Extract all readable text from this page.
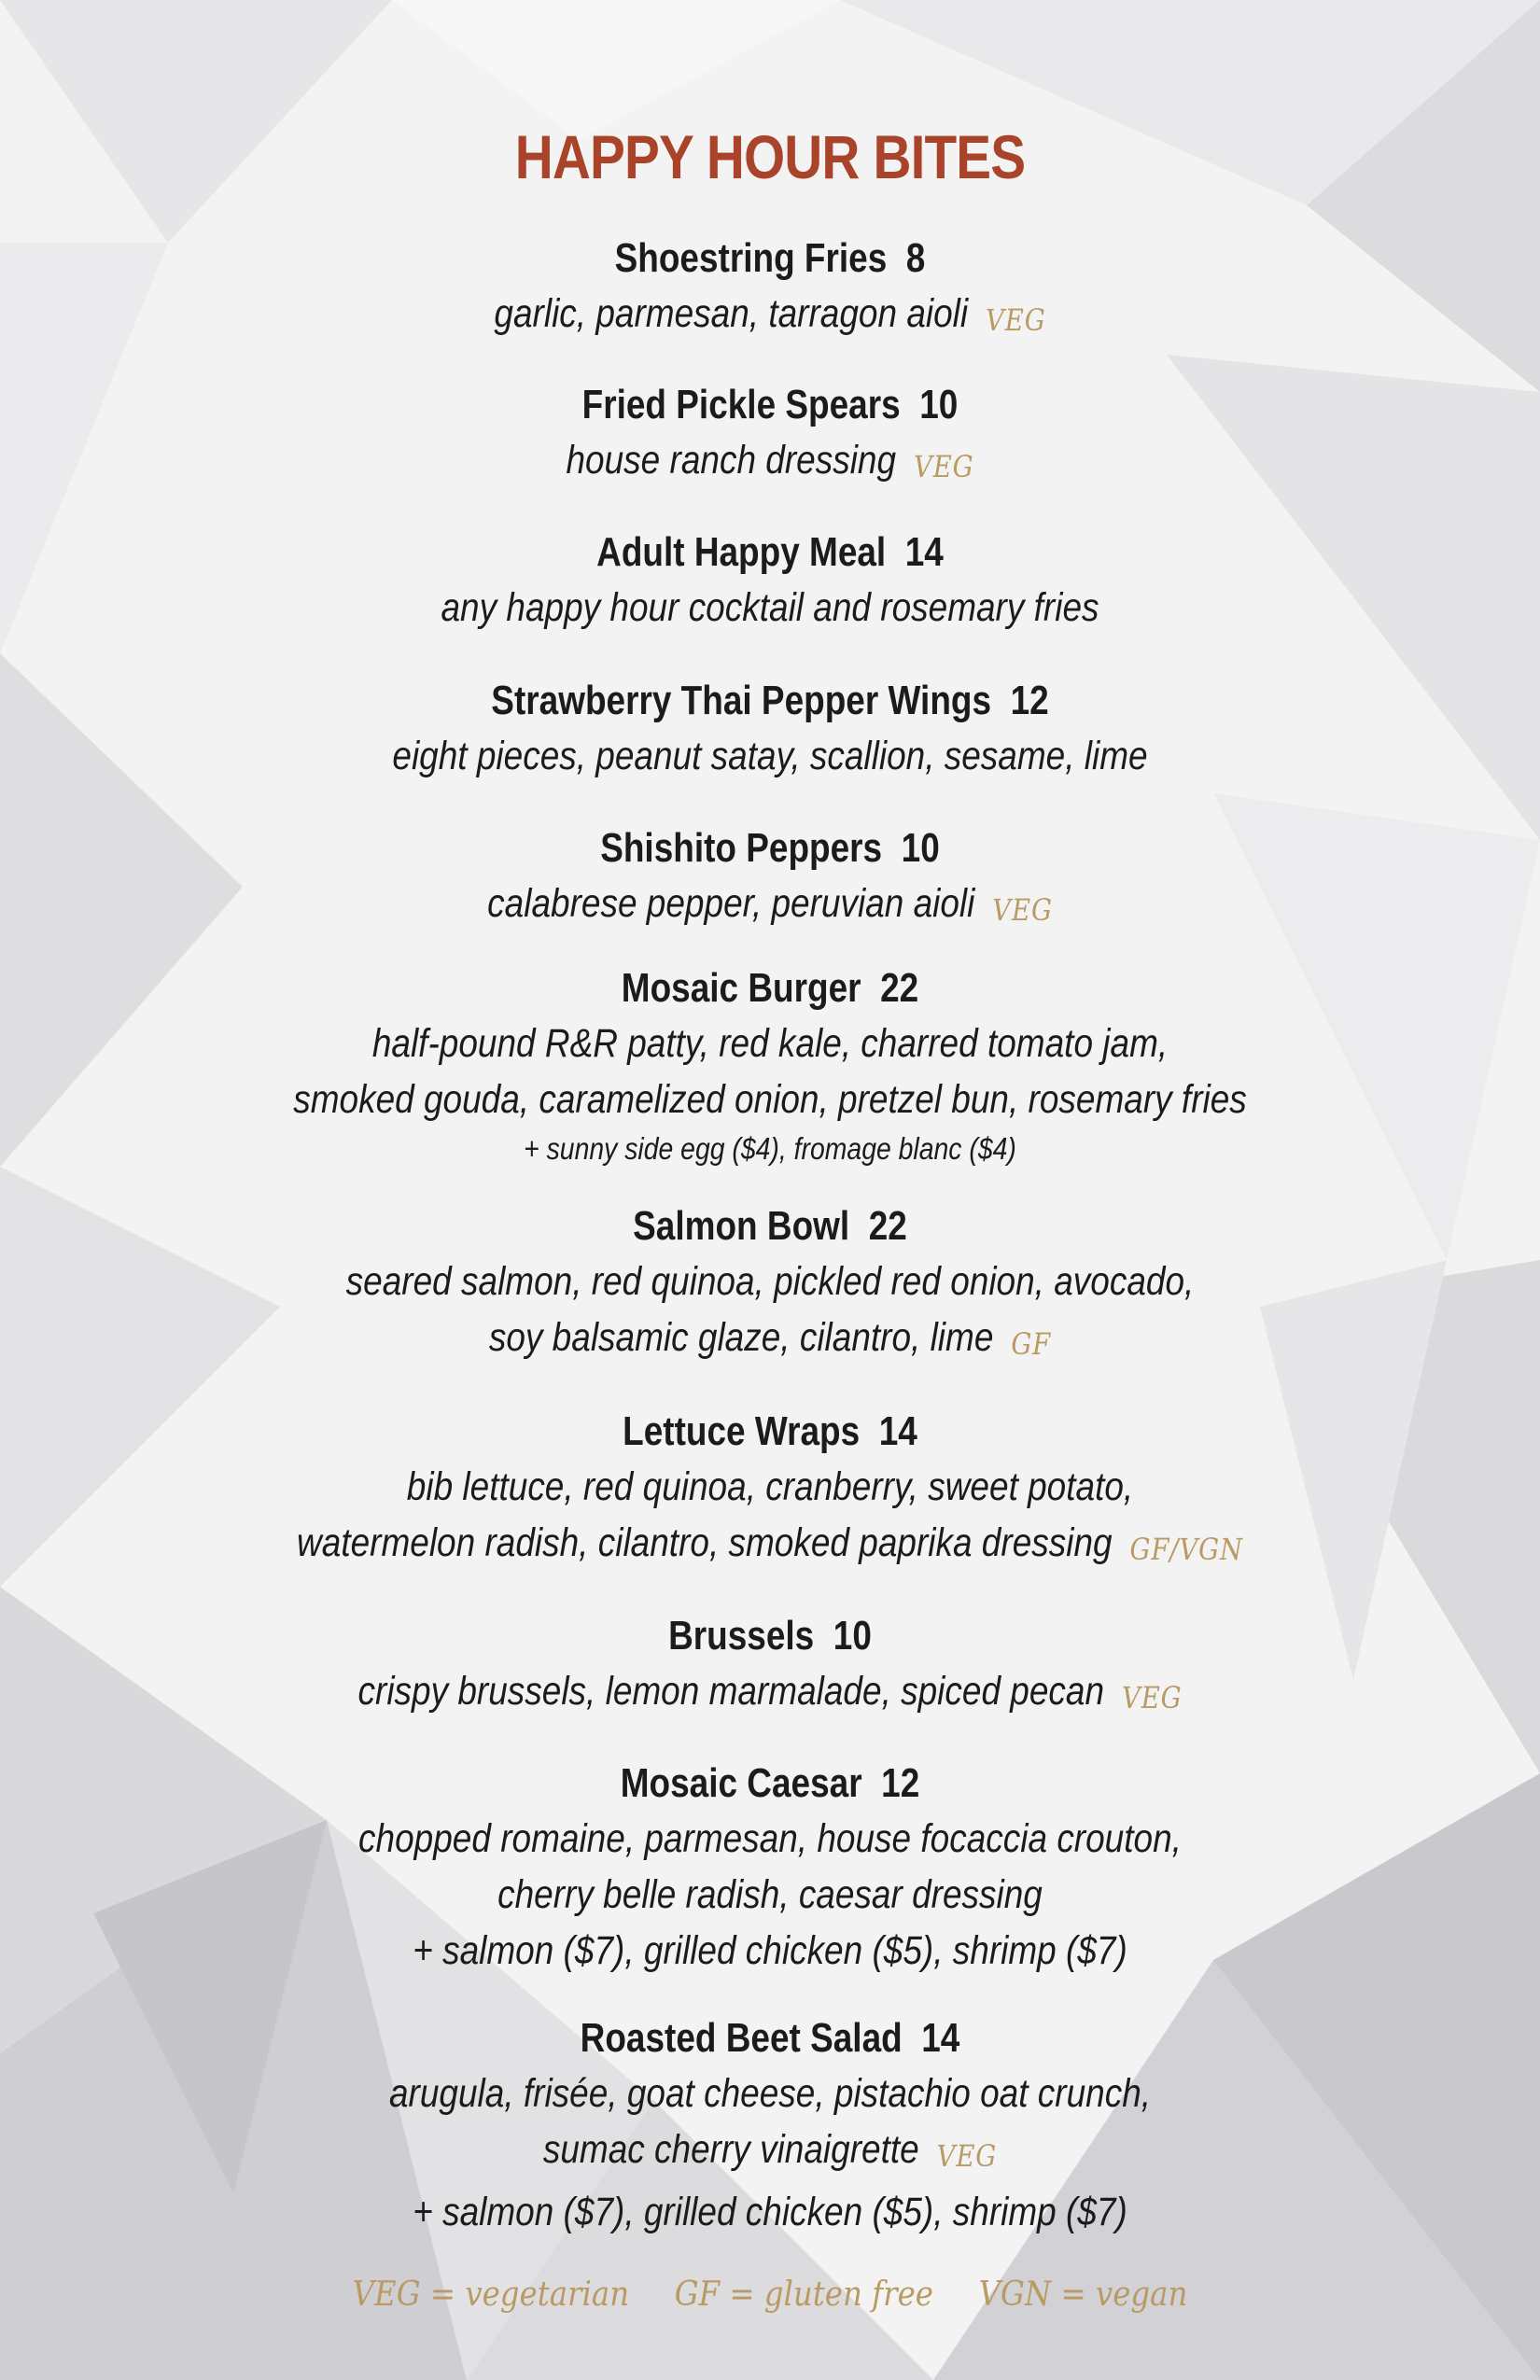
HAPPY HOUR BITES
Shoestring Fries 8
garlic, parmesan, tarragon aioli VEG
Fried Pickle Spears 10
house ranch dressing VEG
Adult Happy Meal 14
any happy hour cocktail and rosemary fries
Strawberry Thai Pepper Wings 12
eight pieces, peanut satay, scallion, sesame, lime
Shishito Peppers 10
calabrese pepper, peruvian aioli VEG
Mosaic Burger 22
half-pound R&R patty, red kale, charred tomato jam,
smoked gouda, caramelized onion, pretzel bun, rosemary fries
+ sunny side egg ($4), fromage blanc ($4)
Salmon Bowl 22
seared salmon, red quinoa, pickled red onion, avocado,
soy balsamic glaze, cilantro, lime GF
Lettuce Wraps 14
bib lettuce, red quinoa, cranberry, sweet potato,
watermelon radish, cilantro, smoked paprika dressing GF/VGN
Brussels 10
crispy brussels, lemon marmalade, spiced pecan VEG
Mosaic Caesar 12
chopped romaine, parmesan, house focaccia crouton,
cherry belle radish, caesar dressing
+ salmon ($7), grilled chicken ($5), shrimp ($7)
Roasted Beet Salad 14
arugula, frisée, goat cheese, pistachio oat crunch,
sumac cherry vinaigrette VEG
+ salmon ($7), grilled chicken ($5), shrimp ($7)
VEG = vegetarian GF = gluten free VGN = vegan
